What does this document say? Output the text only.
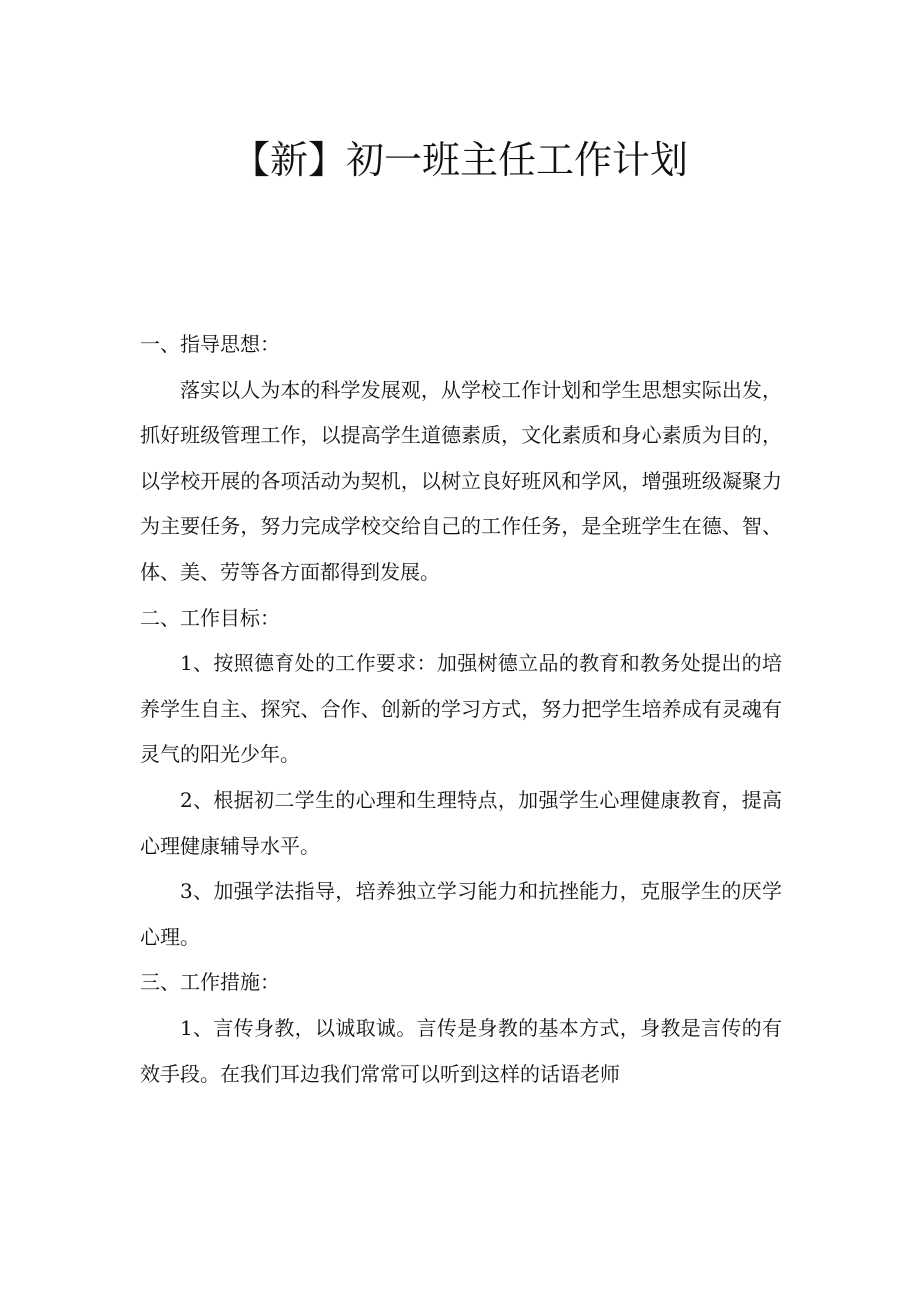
【新】初一班主任工作计划

一、指导思想：

落实以人为本的科学发展观，从学校工作计划和学生思想实际出发，抓好班级管理工作，以提高学生道德素质，文化素质和身心素质为目的，以学校开展的各项活动为契机，以树立良好班风和学风，增强班级凝聚力为主要任务，努力完成学校交给自己的工作任务，是全班学生在德、智、体、美、劳等各方面都得到发展。

二、工作目标：

1、按照德育处的工作要求：加强树德立品的教育和教务处提出的培养学生自主、探究、合作、创新的学习方式，努力把学生培养成有灵魂有灵气的阳光少年。

2、根据初二学生的心理和生理特点，加强学生心理健康教育，提高心理健康辅导水平。

3、加强学法指导，培养独立学习能力和抗挫能力，克服学生的厌学心理。

三、工作措施：

1、言传身教，以诚取诚。言传是身教的基本方式，身教是言传的有效手段。在我们耳边我们常常可以听到这样的话语老师
